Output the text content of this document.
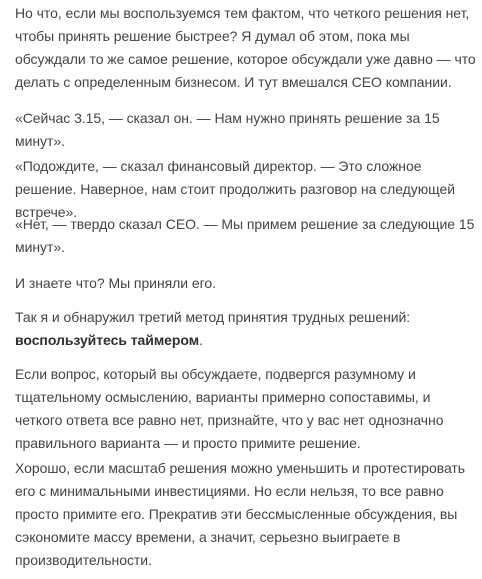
Но что, если мы воспользуемся тем фактом, что четкого решения нет, чтобы принять решение быстрее? Я думал об этом, пока мы обсуждали то же самое решение, которое обсуждали уже давно — что делать с определенным бизнесом. И тут вмешался CEO компании.

«Сейчас 3.15, — сказал он. — Нам нужно принять решение за 15 минут».

«Подождите, — сказал финансовый директор. — Это сложное решение. Наверное, нам стоит продолжить разговор на следующей встрече».

«Нет, — твердо сказал CEO. — Мы примем решение за следующие 15 минут».

И знаете что? Мы приняли его.

Так я и обнаружил третий метод принятия трудных решений: воспользуйтесь таймером.

Если вопрос, который вы обсуждаете, подвергся разумному и тщательному осмыслению, варианты примерно сопоставимы, и четкого ответа все равно нет, признайте, что у вас нет однозначно правильного варианта — и просто примите решение.

Хорошо, если масштаб решения можно уменьшить и протестировать его с минимальными инвестициями. Но если нельзя, то все равно просто примите его. Прекратив эти бессмысленные обсуждения, вы сэкономите массу времени, а значит, серьезно выиграете в производительности.
